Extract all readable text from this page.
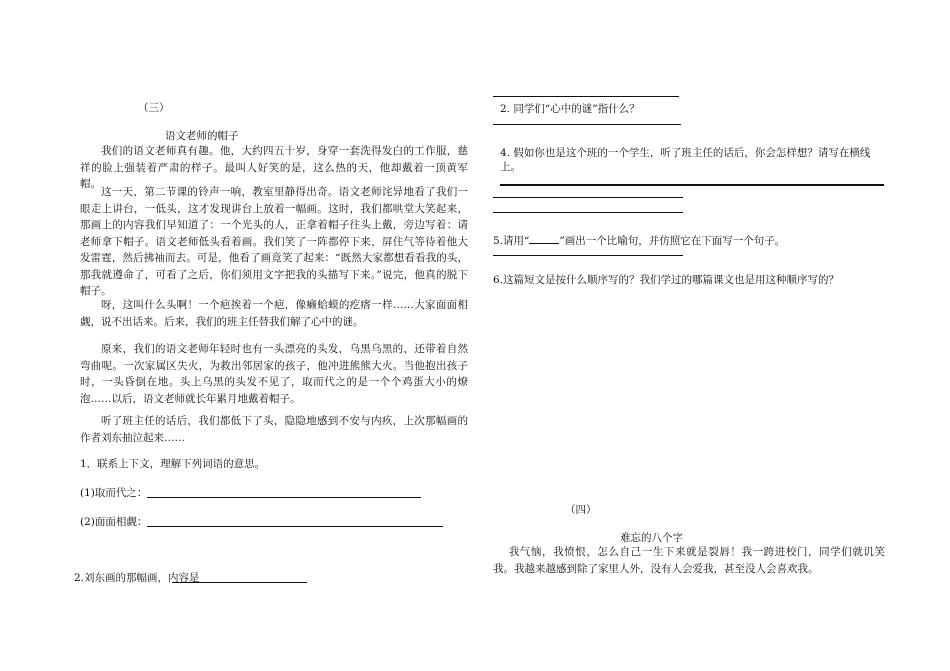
（三）
语文老师的帽子
我们的语文老师真有趣。他，大约四五十岁，身穿一套洗得发白的工作服，慈祥的脸上强装着严肃的样子。最叫人好笑的是，这么热的天，他却戴着一顶黄军帽。
这一天，第二节课的铃声一响，教室里静得出奇。语文老师诧异地看了我们一眼走上讲台，一低头，这才发现讲台上放着一幅画。这时，我们都哄堂大笑起来，那画上的内容我们早知道了：一个光头的人，正拿着帽子往头上戴，旁边写着：请老师拿下帽子。语文老师低头看着画。我们笑了一阵都停下来，屏住气等待着他大发雷霆，然后拂袖而去。可是，他看了画竟笑了起来：“既然大家都想看看我的头，那我就遵命了，可看了之后，你们须用文字把我的头描写下来。”说完，他真的脱下帽子。
呀，这叫什么头啊！一个疤挨着一个疤，像癞蛤蟆的疙瘩一样……大家面面相觑，说不出话来。后来，我们的班主任替我们解了心中的谜。
原来，我们的语文老师年轻时也有一头漂亮的头发，乌黑乌黑的，还带着自然弯曲呢。一次家属区失火，为救出邻居家的孩子，他冲进熊熊大火。当他抱出孩子时，一头昏倒在地。头上乌黑的头发不见了，取而代之的是一个个鸡蛋大小的燎泡……以后，语文老师就长年累月地戴着帽子。
听了班主任的话后，我们都低下了头，隐隐地感到不安与内疚，上次那幅画的作者刘东抽泣起来……
1．联系上下文，理解下列词语的意思。
(1)取而代之：
(2)面面相觑：
2.刘东画的那幅画，内容是
2. 同学们“心中的谜”指什么？
4. 假如你也是这个班的一个学生，听了班主任的话后，你会怎样想？请写在横线
上。
5.请用“	”画出一个比喻句，并仿照它在下面写一个句子。
6.这篇短文是按什么顺序写的？我们学过的哪篇课文也是用这种顺序写的？
（四）
难忘的八个字
我气恼，我愤恨，怎么自己一生下来就是裂唇！我一跨进校门，同学们就讥笑我。我越来越感到除了家里人外，没有人会爱我，甚至没人会喜欢我。
